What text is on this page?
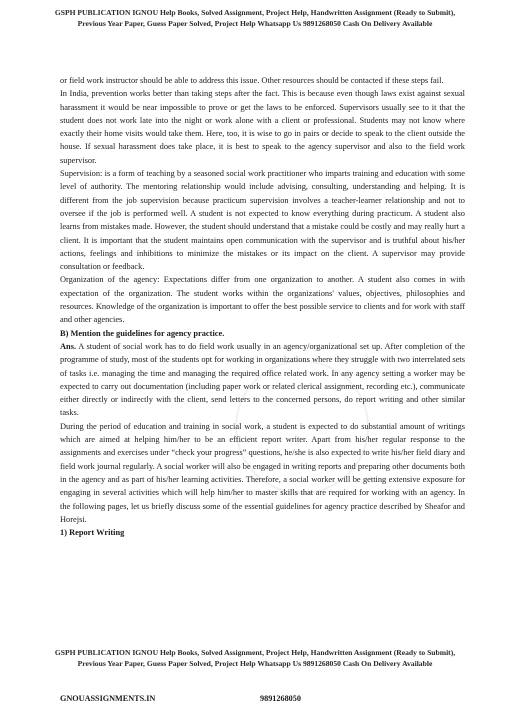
GSPH PUBLICATION IGNOU Help Books, Solved Assignment, Project Help, Handwritten Assignment (Ready to Submit), Previous Year Paper, Guess Paper Solved, Project Help Whatsapp Us 9891268050 Cash On Delivery Available

or field work instructor should be able to address this issue. Other resources should be contacted if these steps fail.

In India, prevention works better than taking steps after the fact. This is because even though laws exist against sexual harassment it would be near impossible to prove or get the laws to be enforced. Supervisors usually see to it that the student does not work late into the night or work alone with a client or professional. Students may not know where exactly their home visits would take them. Here, too, it is wise to go in pairs or decide to speak to the client outside the house. If sexual harassment does take place, it is best to speak to the agency supervisor and also to the field work supervisor.

Supervision: is a form of teaching by a seasoned social work practitioner who imparts training and education with some level of authority. The mentoring relationship would include advising, consulting, understanding and helping. It is different from the job supervision because practicum supervision involves a teacher-learner relationship and not to oversee if the job is performed well. A student is not expected to know everything during practicum. A student also learns from mistakes made. However, the student should understand that a mistake could be costly and may really hurt a client. It is important that the student maintains open communication with the supervisor and is truthful about his/her actions, feelings and inhibitions to minimize the mistakes or its impact on the client. A supervisor may provide consultation or feedback.

Organization of the agency: Expectations differ from one organization to another. A student also comes in with expectation of the organization. The student works within the organizations' values, objectives, philosophies and resources. Knowledge of the organization is important to offer the best possible service to clients and for work with staff and other agencies.

B) Mention the guidelines for agency practice.

Ans. A student of social work has to do field work usually in an agency/organizational set up. After completion of the programme of study, most of the students opt for working in organizations where they struggle with two interrelated sets of tasks i.e. managing the time and managing the required office related work. In any agency setting a worker may be expected to carry out documentation (including paper work or related clerical assignment, recording etc.), communicate either directly or indirectly with the client, send letters to the concerned persons, do report writing and other similar tasks.

During the period of education and training in social work, a student is expected to do substantial amount of writings which are aimed at helping him/her to be an efficient report writer. Apart from his/her regular response to the assignments and exercises under “check your progress” questions, he/she is also expected to write his/her field diary and field work journal regularly. A social worker will also be engaged in writing reports and preparing other documents both in the agency and as part of his/her learning activities. Therefore, a social worker will be getting extensive exposure for engaging in several activities which will help him/her to master skills that are required for working with an agency. In the following pages, let us briefly discuss some of the essential guidelines for agency practice described by Sheafor and Horejsi.

1) Report Writing

GSPH PUBLICATION IGNOU Help Books, Solved Assignment, Project Help, Handwritten Assignment (Ready to Submit), Previous Year Paper, Guess Paper Solved, Project Help Whatsapp Us 9891268050 Cash On Delivery Available
GNOUASSIGNMENTS.IN	9891268050
